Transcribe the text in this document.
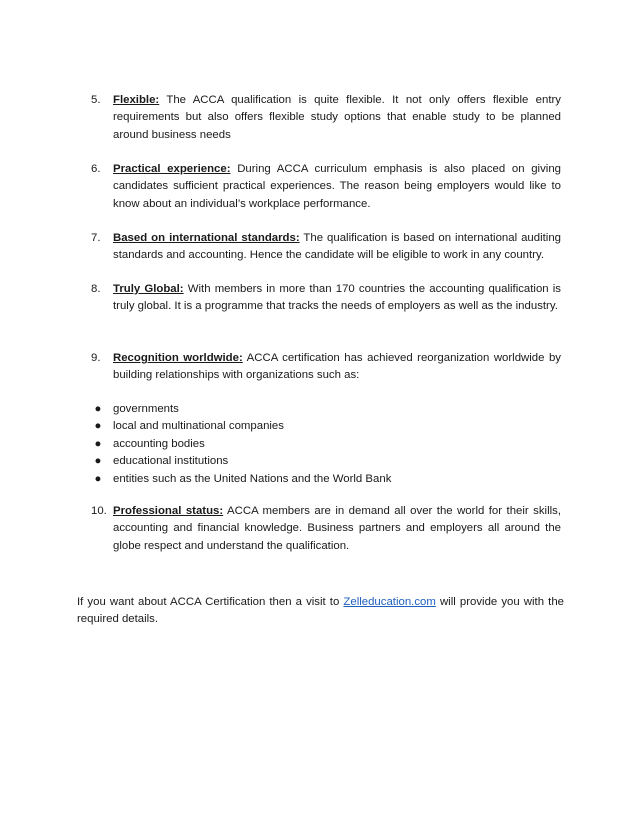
5.	Flexible: The ACCA qualification is quite flexible. It not only offers flexible entry requirements but also offers flexible study options that enable study to be planned around business needs
6.	Practical experience: During ACCA curriculum emphasis is also placed on giving candidates sufficient practical experiences. The reason being employers would like to know about an individual’s workplace performance.
7.	Based on international standards: The qualification is based on international auditing standards and accounting. Hence the candidate will be eligible to work in any country.
8.	Truly Global: With members in more than 170 countries the accounting qualification is truly global. It is a programme that tracks the needs of employers as well as the industry.
9.	Recognition worldwide: ACCA certification has achieved reorganization worldwide by building relationships with organizations such as:
●	governments
●	local and multinational companies
●	accounting bodies
●	educational institutions
●	entities such as the United Nations and the World Bank
10. Professional status: ACCA members are in demand all over the world for their skills, accounting and financial knowledge. Business partners and employers all around the globe respect and understand the qualification.
If you want about ACCA Certification then a visit to Zelleducation.com will provide you with the required details.
